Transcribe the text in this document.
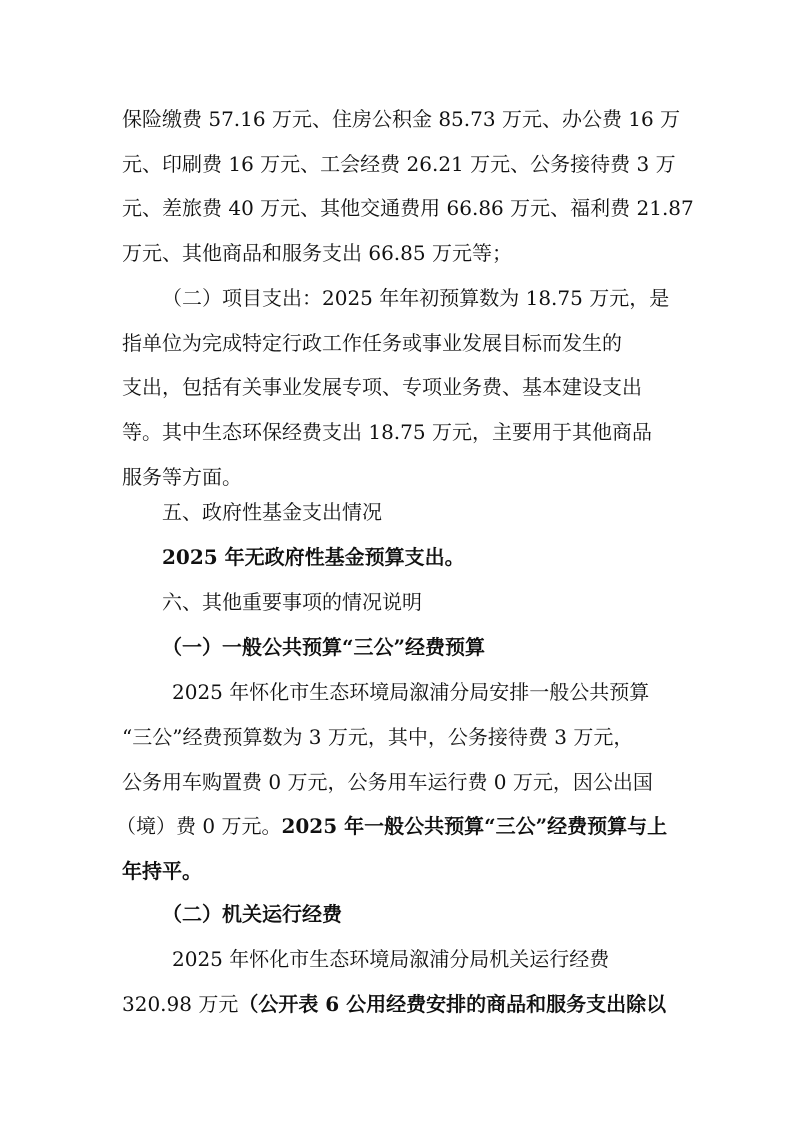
保险缴费 57.16 万元、住房公积金 85.73 万元、办公费 16 万

元、印刷费 16 万元、工会经费 26.21 万元、公务接待费 3 万

元、差旅费 40 万元、其他交通费用 66.86 万元、福利费 21.87

万元、其他商品和服务支出 66.85 万元等；

（二）项目支出：2025 年年初预算数为 18.75 万元，是

指单位为完成特定行政工作任务或事业发展目标而发生的

支出，包括有关事业发展专项、专项业务费、基本建设支出

等。其中生态环保经费支出 18.75 万元，主要用于其他商品

服务等方面。

五、政府性基金支出情况

2025 年无政府性基金预算支出。

六、其他重要事项的情况说明

（一）一般公共预算“三公”经费预算

2025 年怀化市生态环境局溆浦分局安排一般公共预算

“三公”经费预算数为 3 万元，其中，公务接待费 3 万元，

公务用车购置费 0 万元，公务用车运行费 0 万元，因公出国

（境）费 0 万元。2025 年一般公共预算“三公”经费预算与上

年持平。

（二）机关运行经费

2025 年怀化市生态环境局溆浦分局机关运行经费

320.98 万元（公开表 6 公用经费安排的商品和服务支出除以
